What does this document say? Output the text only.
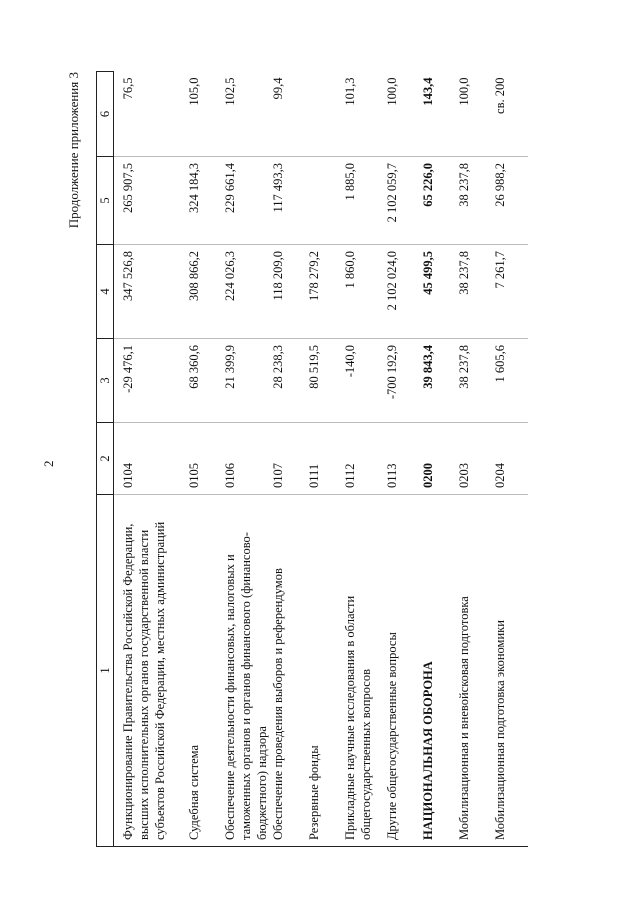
2
Продолжение приложения 3
1	2	3	4	5	6
Функционирование Правительства Российской Федерации, высших исполнительных органов государственной власти субъектов Российской Федерации, местных администраций	0104	-29 476,1	347 526,8	265 907,5	76,5
Судебная система	0105	68 360,6	308 866,2	324 184,3	105,0
Обеспечение деятельности финансовых, налоговых и таможенных органов и органов финансового (финансово-бюджетного) надзора	0106	21 399,9	224 026,3	229 661,4	102,5
Обеспечение проведения выборов и референдумов	0107	28 238,3	118 209,0	117 493,3	99,4
Резервные фонды	0111	80 519,5	178 279,2		
Прикладные научные исследования в области общегосударственных вопросов	0112	-140,0	1 860,0	1 885,0	101,3
Другие общегосударственные вопросы	0113	-700 192,9	2 102 024,0	2 102 059,7	100,0
НАЦИОНАЛЬНАЯ ОБОРОНА	0200	39 843,4	45 499,5	65 226,0	143,4
Мобилизационная и вневойсковая подготовка	0203	38 237,8	38 237,8	38 237,8	100,0
Мобилизационная подготовка экономики	0204	1 605,6	7 261,7	26 988,2	св. 200
